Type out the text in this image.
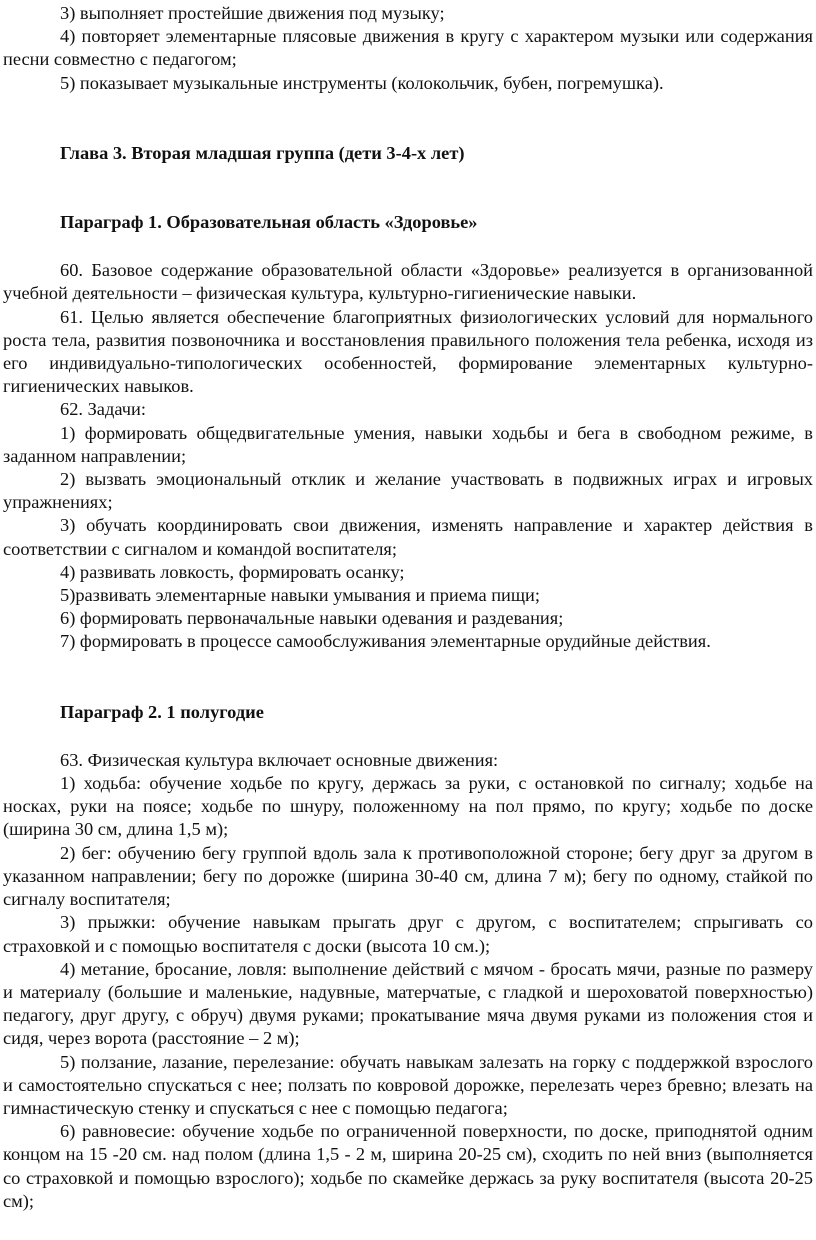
3) выполняет простейшие движения под музыку;

4) повторяет элементарные плясовые движения в кругу с характером музыки или содержания песни совместно с педагогом;

5) показывает музыкальные инструменты (колокольчик, бубен, погремушка).

Глава 3. Вторая младшая группа (дети 3-4-х лет)

Параграф 1. Образовательная область «Здоровье»

60. Базовое содержание образовательной области «Здоровье» реализуется в организованной учебной деятельности – физическая культура, культурно-гигиенические навыки.

61. Целью является обеспечение благоприятных физиологических условий для нормального роста тела, развития позвоночника и восстановления правильного положения тела ребенка, исходя из его индивидуально-типологических особенностей, формирование элементарных культурно-гигиенических навыков.

62. Задачи:

1) формировать общедвигательные умения, навыки ходьбы и бега в свободном режиме, в заданном направлении;

2) вызвать эмоциональный отклик и желание участвовать в подвижных играх и игровых упражнениях;

3) обучать координировать свои движения, изменять направление и характер действия в соответствии с сигналом и командой воспитателя;

4) развивать ловкость, формировать осанку;

5)развивать элементарные навыки умывания и приема пищи;

6) формировать первоначальные навыки одевания и раздевания;

7) формировать в процессе самообслуживания элементарные орудийные действия.

Параграф 2. 1 полугодие

63. Физическая культура включает основные движения:

1) ходьба: обучение ходьбе по кругу, держась за руки, с остановкой по сигналу; ходьбе на носках, руки на поясе; ходьбе по шнуру, положенному на пол прямо, по кругу; ходьбе по доске (ширина 30 см, длина 1,5 м);

2) бег: обучению бегу группой вдоль зала к противоположной стороне; бегу друг за другом в указанном направлении; бегу по дорожке (ширина 30-40 см, длина 7 м); бегу по одному, стайкой по сигналу воспитателя;

3) прыжки: обучение навыкам прыгать друг с другом, с воспитателем; спрыгивать со страховкой и с помощью воспитателя с доски (высота 10 см.);

4) метание, бросание, ловля: выполнение действий с мячом - бросать мячи, разные по размеру и материалу (большие и маленькие, надувные, матерчатые, с гладкой и шероховатой поверхностью) педагогу, друг другу, с обруч) двумя руками; прокатывание мяча двумя руками из положения стоя и сидя, через ворота (расстояние – 2 м);

5) ползание, лазание, перелезание: обучать навыкам залезать на горку с поддержкой взрослого и самостоятельно спускаться с нее; ползать по ковровой дорожке, перелезать через бревно; влезать на гимнастическую стенку и спускаться с нее с помощью педагога;

6) равновесие: обучение ходьбе по ограниченной поверхности, по доске, приподнятой одним концом на 15 -20 см. над полом (длина 1,5 - 2 м, ширина 20-25 см), сходить по ней вниз (выполняется со страховкой и помощью взрослого); ходьбе по скамейке держась за руку воспитателя (высота 20-25 см);
